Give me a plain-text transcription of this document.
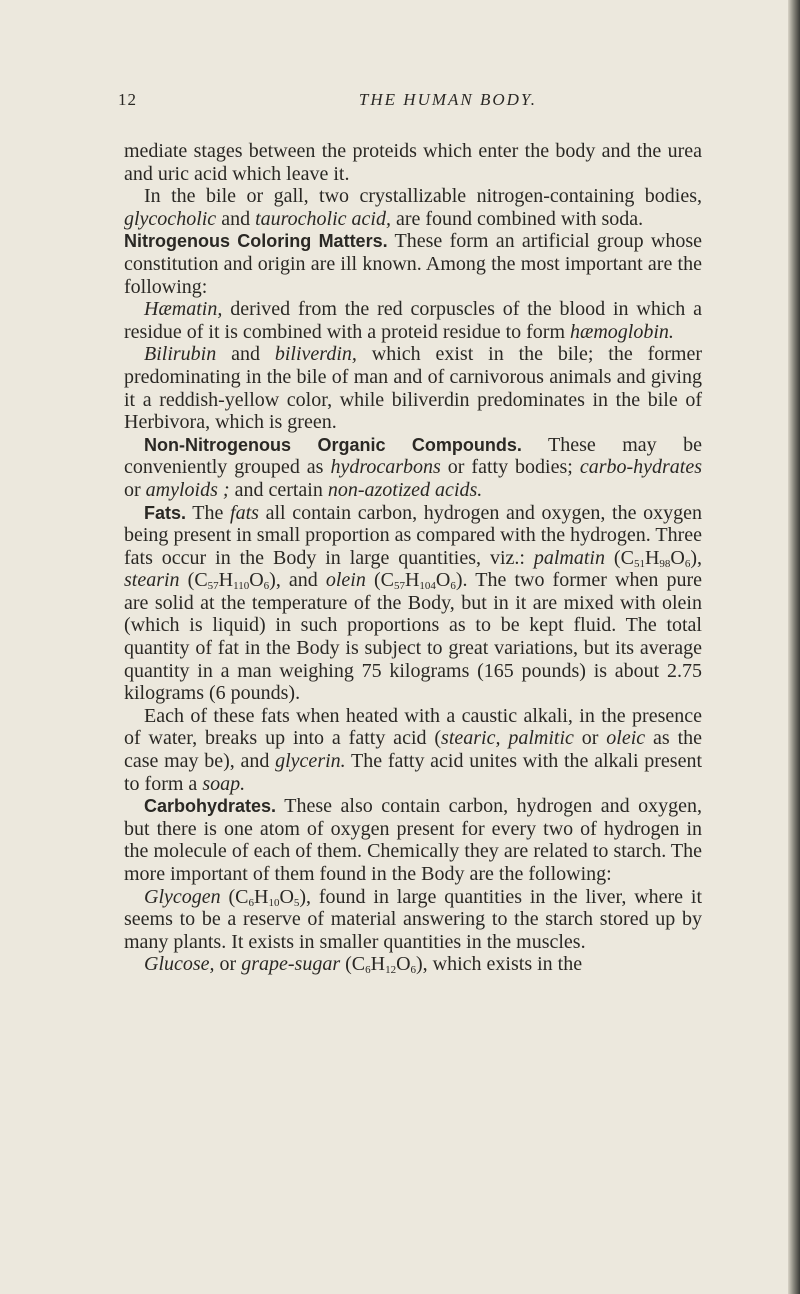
12	THE HUMAN BODY.

mediate stages between the proteids which enter the body and the urea and uric acid which leave it.

In the bile or gall, two crystallizable nitrogen-containing bodies, glycocholic and taurocholic acid, are found combined with soda.

Nitrogenous Coloring Matters. These form an artificial group whose constitution and origin are ill known. Among the most important are the following:

Hæmatin, derived from the red corpuscles of the blood in which a residue of it is combined with a proteid residue to form hæmoglobin.

Bilirubin and biliverdin, which exist in the bile; the former predominating in the bile of man and of carnivorous animals and giving it a reddish-yellow color, while biliverdin predominates in the bile of Herbivora, which is green.

Non-Nitrogenous Organic Compounds. These may be conveniently grouped as hydrocarbons or fatty bodies; carbo-hydrates or amyloids ; and certain non-azotized acids.

Fats. The fats all contain carbon, hydrogen and oxygen, the oxygen being present in small proportion as compared with the hydrogen. Three fats occur in the Body in large quantities, viz.: palmatin $(C_{51}H_{98}O_6)$, stearin $(C_{57}H_{110}O_6)$, and olein $(C_{57}H_{104}O_6)$. The two former when pure are solid at the temperature of the Body, but in it are mixed with olein (which is liquid) in such proportions as to be kept fluid. The total quantity of fat in the Body is subject to great variations, but its average quantity in a man weighing 75 kilograms (165 pounds) is about 2.75 kilograms (6 pounds).

Each of these fats when heated with a caustic alkali, in the presence of water, breaks up into a fatty acid (stearic, palmitic or oleic as the case may be), and glycerin. The fatty acid unites with the alkali present to form a soap.

Carbohydrates. These also contain carbon, hydrogen and oxygen, but there is one atom of oxygen present for every two of hydrogen in the molecule of each of them. Chemically they are related to starch. The more important of them found in the Body are the following:

Glycogen $(C_6H_{10}O_5)$, found in large quantities in the liver, where it seems to be a reserve of material answering to the starch stored up by many plants. It exists in smaller quantities in the muscles.

Glucose, or grape-sugar $(C_6H_{12}O_6)$, which exists in the
